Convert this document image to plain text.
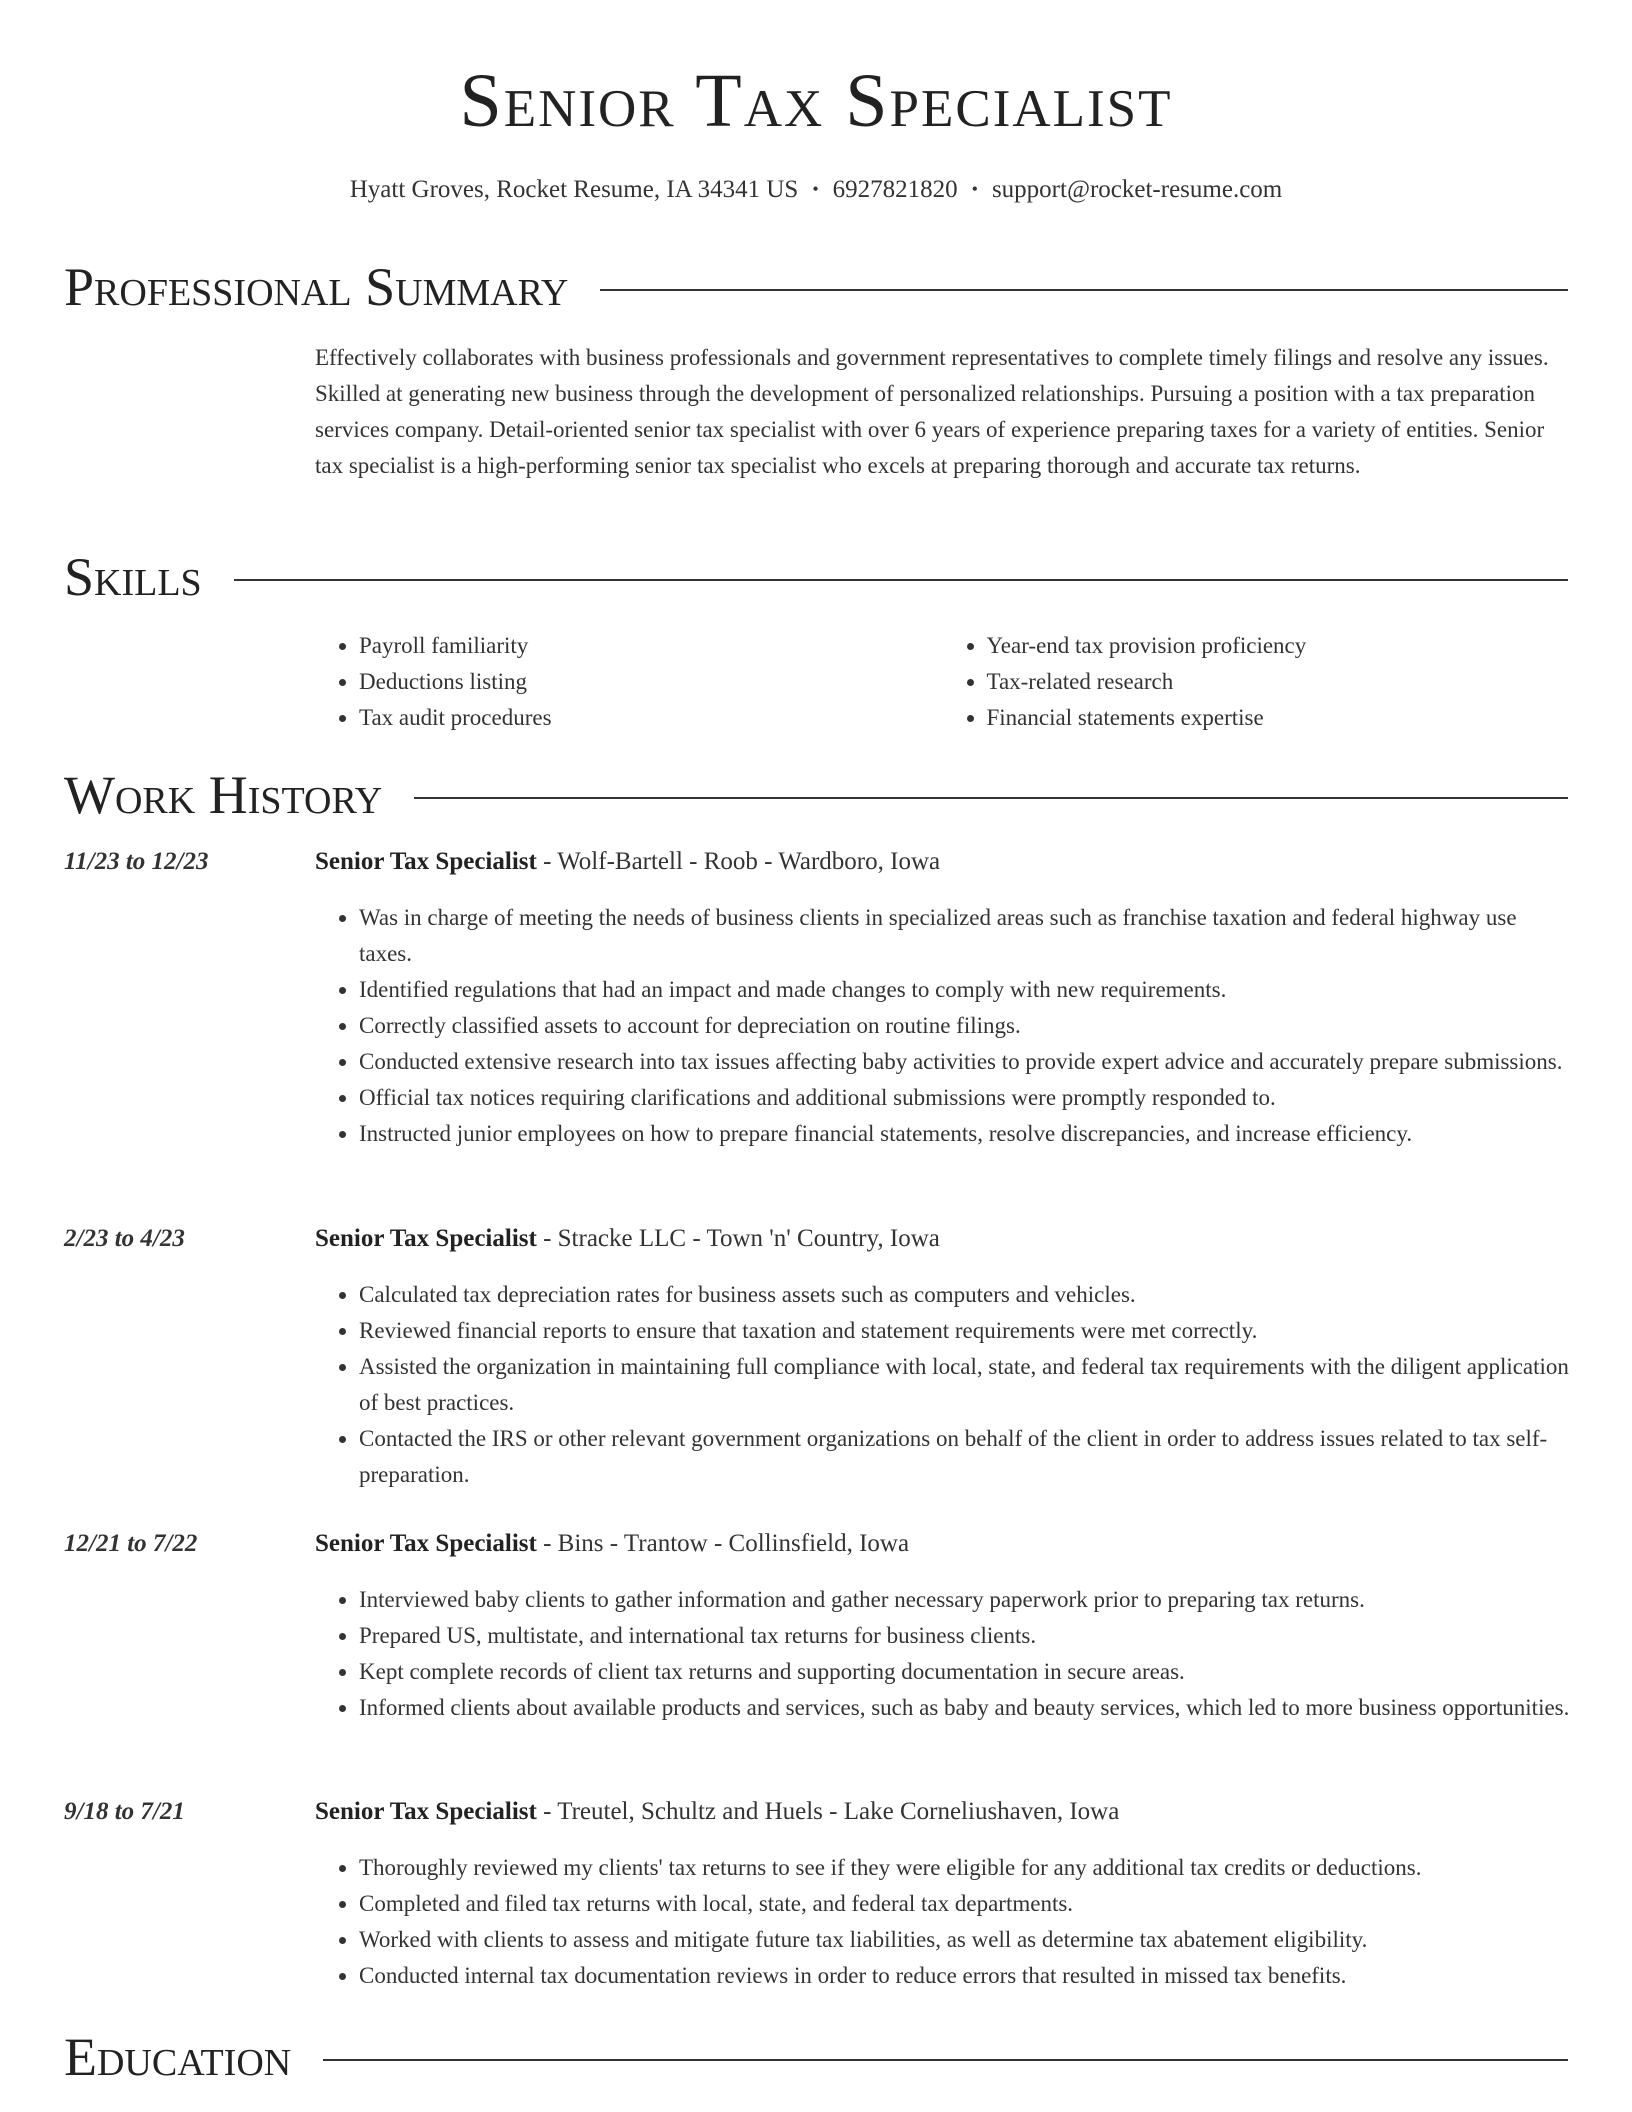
Senior Tax Specialist
Hyatt Groves, Rocket Resume, IA 34341 US • 6927821820 • support@rocket-resume.com
Professional Summary

Effectively collaborates with business professionals and government representatives to complete timely filings and resolve any issues. Skilled at generating new business through the development of personalized relationships. Pursuing a position with a tax preparation services company. Detail-oriented senior tax specialist with over 6 years of experience preparing taxes for a variety of entities. Senior tax specialist is a high-performing senior tax specialist who excels at preparing thorough and accurate tax returns.

Skills
• Payroll familiarity
• Deductions listing
• Tax audit procedures
• Year-end tax provision proficiency
• Tax-related research
• Financial statements expertise
Work History
11/23 to 12/23	Senior Tax Specialist - Wolf-Bartell - Roob - Wardboro, Iowa
• Was in charge of meeting the needs of business clients in specialized areas such as franchise taxation and federal highway use taxes.
• Identified regulations that had an impact and made changes to comply with new requirements.
• Correctly classified assets to account for depreciation on routine filings.
• Conducted extensive research into tax issues affecting baby activities to provide expert advice and accurately prepare submissions.
• Official tax notices requiring clarifications and additional submissions were promptly responded to.
• Instructed junior employees on how to prepare financial statements, resolve discrepancies, and increase efficiency.
2/23 to 4/23	Senior Tax Specialist - Stracke LLC - Town 'n' Country, Iowa
• Calculated tax depreciation rates for business assets such as computers and vehicles.
• Reviewed financial reports to ensure that taxation and statement requirements were met correctly.
• Assisted the organization in maintaining full compliance with local, state, and federal tax requirements with the diligent application of best practices.
• Contacted the IRS or other relevant government organizations on behalf of the client in order to address issues related to tax self-preparation.
12/21 to 7/22	Senior Tax Specialist - Bins - Trantow - Collinsfield, Iowa
• Interviewed baby clients to gather information and gather necessary paperwork prior to preparing tax returns.
• Prepared US, multistate, and international tax returns for business clients.
• Kept complete records of client tax returns and supporting documentation in secure areas.
• Informed clients about available products and services, such as baby and beauty services, which led to more business opportunities.
9/18 to 7/21	Senior Tax Specialist - Treutel, Schultz and Huels - Lake Corneliushaven, Iowa
• Thoroughly reviewed my clients' tax returns to see if they were eligible for any additional tax credits or deductions.
• Completed and filed tax returns with local, state, and federal tax departments.
• Worked with clients to assess and mitigate future tax liabilities, as well as determine tax abatement eligibility.
• Conducted internal tax documentation reviews in order to reduce errors that resulted in missed tax benefits.
Education
